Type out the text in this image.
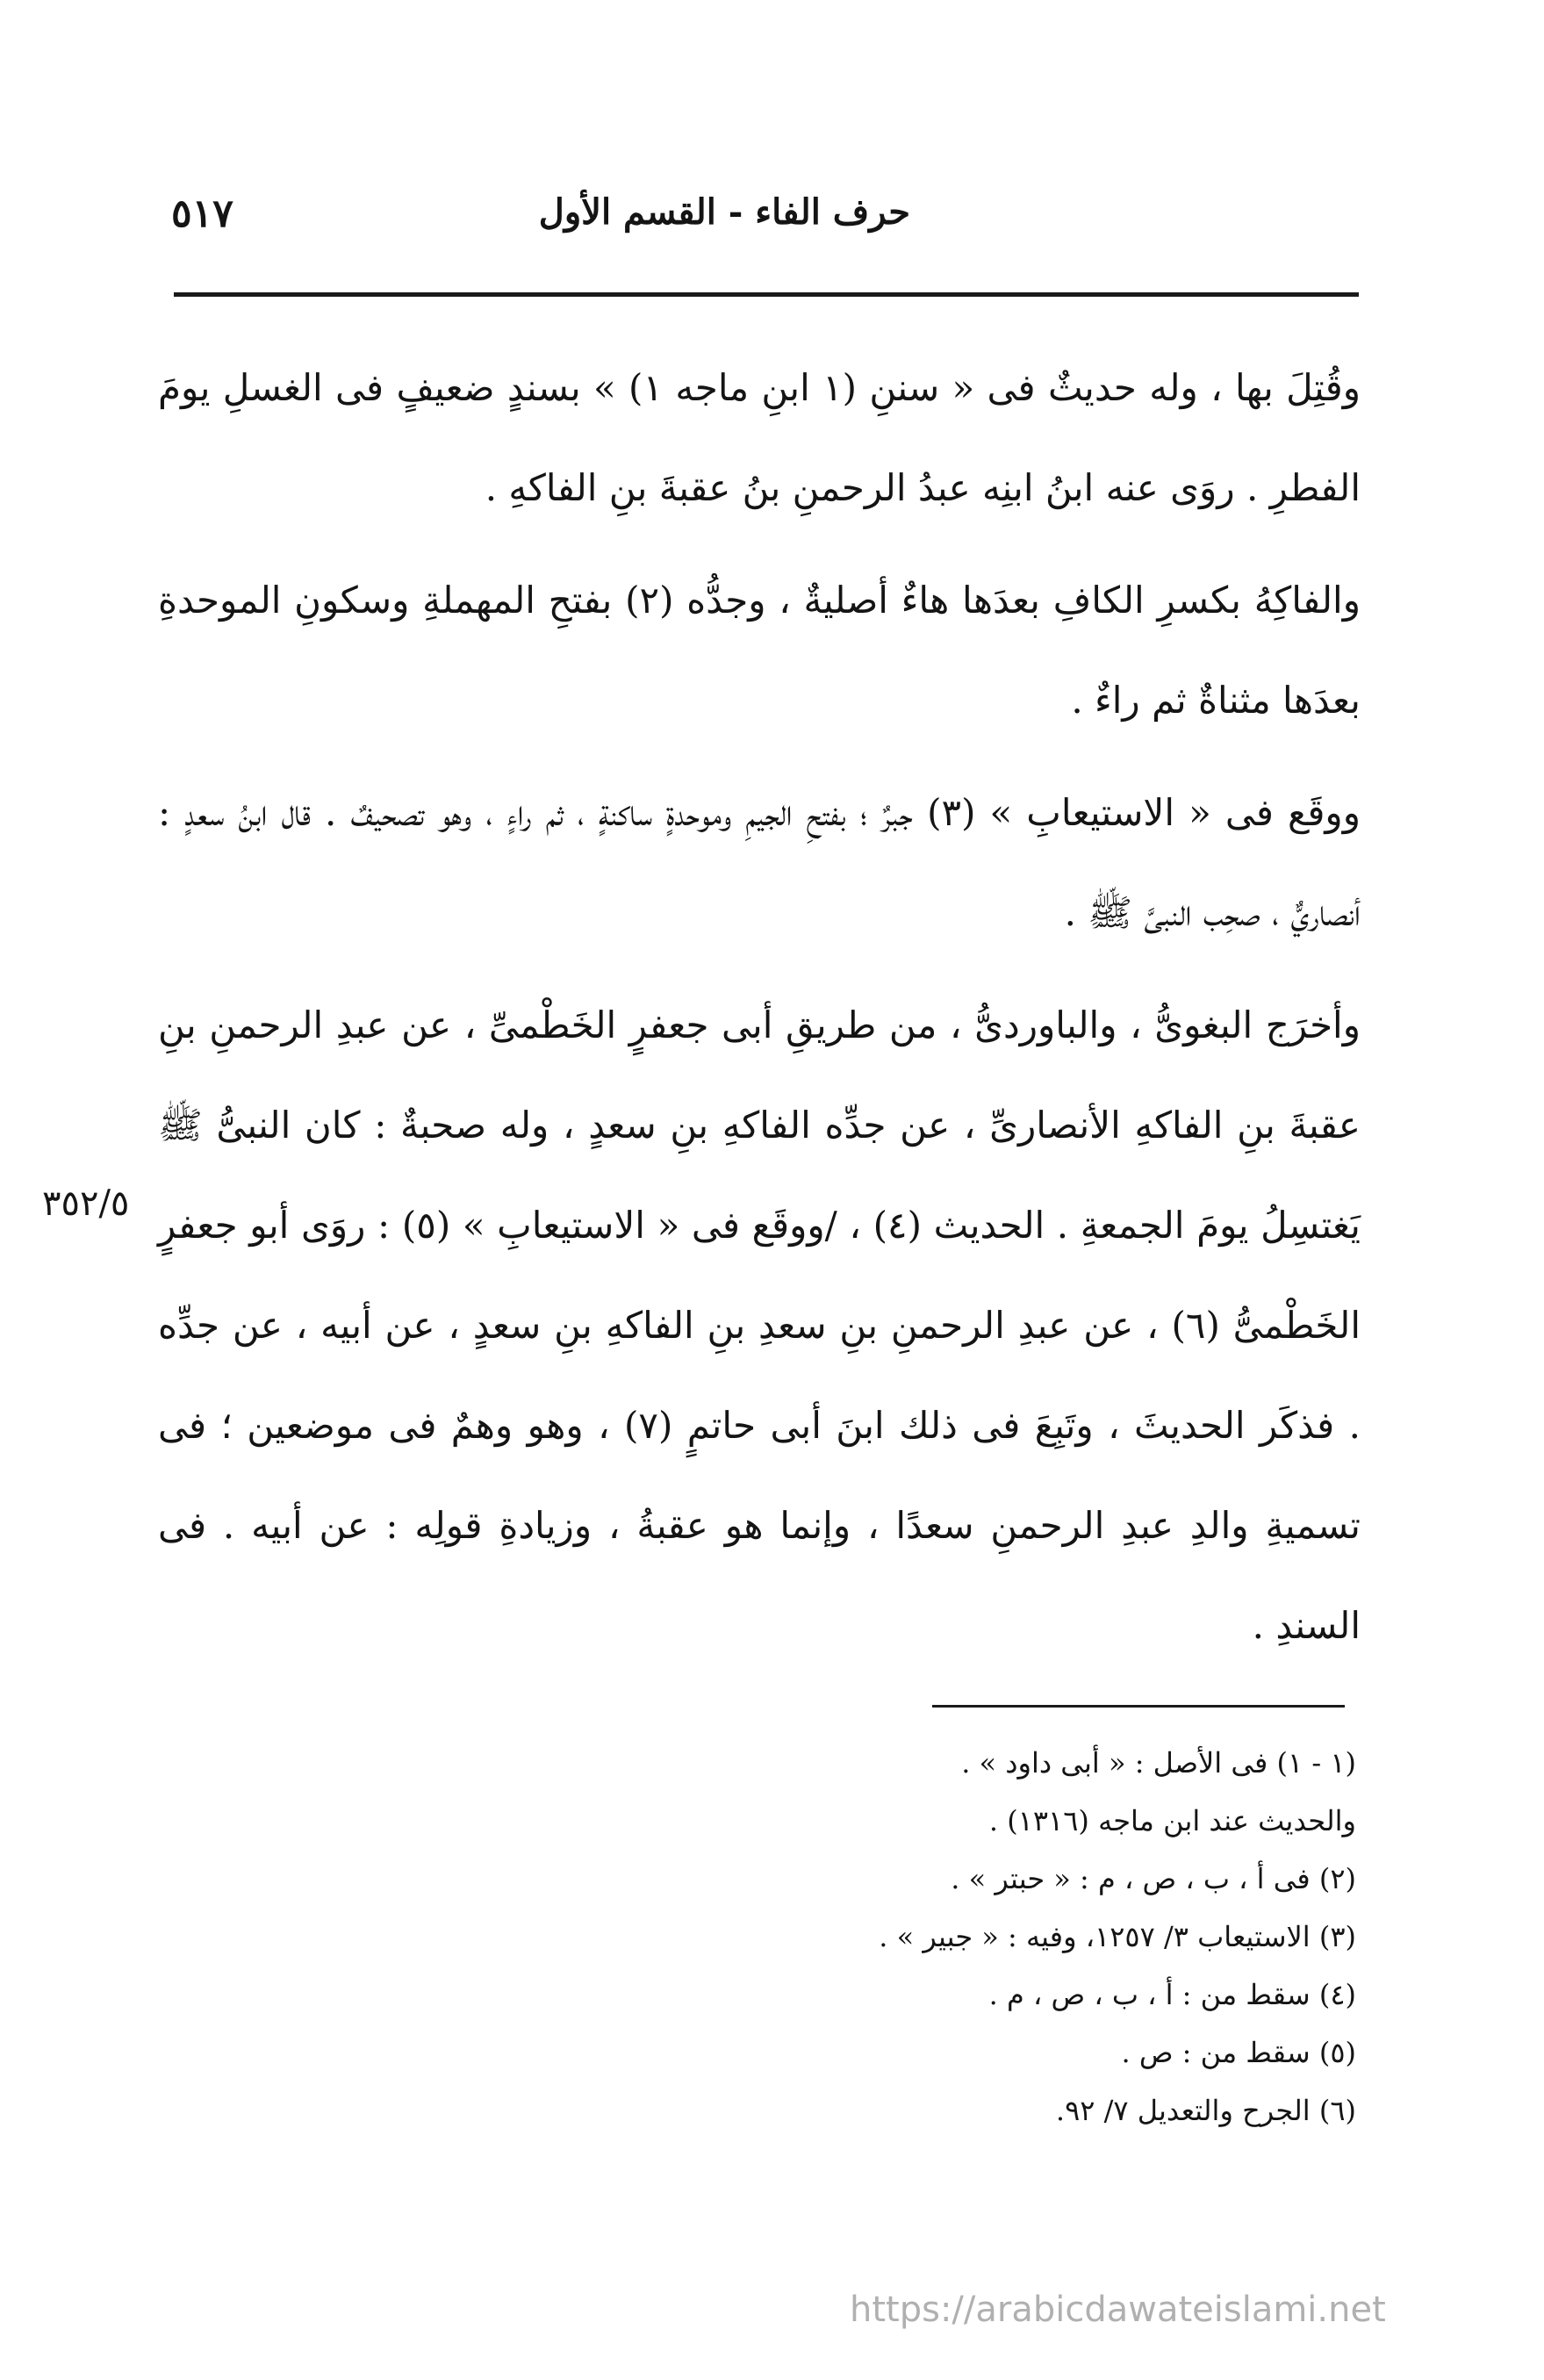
٥١٧	حرف الفاء - القسم الأول

وقُتِلَ بها ، وله حديثٌ فى « سننِ (١ ابنِ ماجه ١) » بسندٍ ضعيفٍ فى الغسلِ يومَ الفطرِ . روَى عنه ابنُ ابنِه عبدُ الرحمنِ بنُ عقبةَ بنِ الفاكهِ .

والفاكِهُ بكسرِ الكافِ بعدَها هاءٌ أصليةٌ ، وجدُّه (٢) بفتحِ المهملةِ وسكونِ الموحدةِ بعدَها مثناةٌ ثم راءٌ .

ووقَع فى « الاستيعابِ » (٣) جبرٌ ؛ بفتحِ الجيمِ وموحدةٍ ساكنةٍ ، ثم راءٍ ، وهو تصحيفٌ . قال ابنُ سعدٍ : أنصاريٌّ ، صحِب النبىَّ ﷺ .

وأخرَج البغوىُّ ، والباوردىُّ ، من طريقِ أبى جعفرٍ الخَطْمىِّ ، عن عبدِ الرحمنِ بنِ عقبةَ بنِ الفاكهِ الأنصارىِّ ، عن جدِّه الفاكهِ بنِ سعدٍ ، وله صحبةٌ : كان النبىُّ ﷺ يَغتسِلُ يومَ الجمعةِ . الحديث (٤) ، /ووقَع فى « الاستيعابِ » (٥) : روَى أبو جعفرٍ الخَطْمىُّ (٦) ، عن عبدِ الرحمنِ بنِ سعدِ بنِ الفاكهِ بنِ سعدٍ ، عن أبيه ، عن جدِّه . فذكَر الحديثَ ، وتَبِعَ فى ذلك ابنَ أبى حاتمٍ (٧) ، وهو وهمٌ فى موضعين ؛ فى تسميةِ والدِ عبدِ الرحمنِ سعدًا ، وإنما هو عقبةُ ، وزيادةِ قولِه : عن أبيه . فى السندِ .

٣٥٢/٥
(١ - ١) فى الأصل : « أبى داود » .
والحديث عند ابن ماجه (١٣١٦) .
(٢) فى أ ، ب ، ص ، م : « حبتر » .
(٣) الاستيعاب ٣/ ١٢٥٧، وفيه : « جبير » .
(٤) سقط من : أ ، ب ، ص ، م .
(٥) سقط من : ص .
(٦) الجرح والتعديل ٧/ ٩٢.
https://arabicdawateislami.net
